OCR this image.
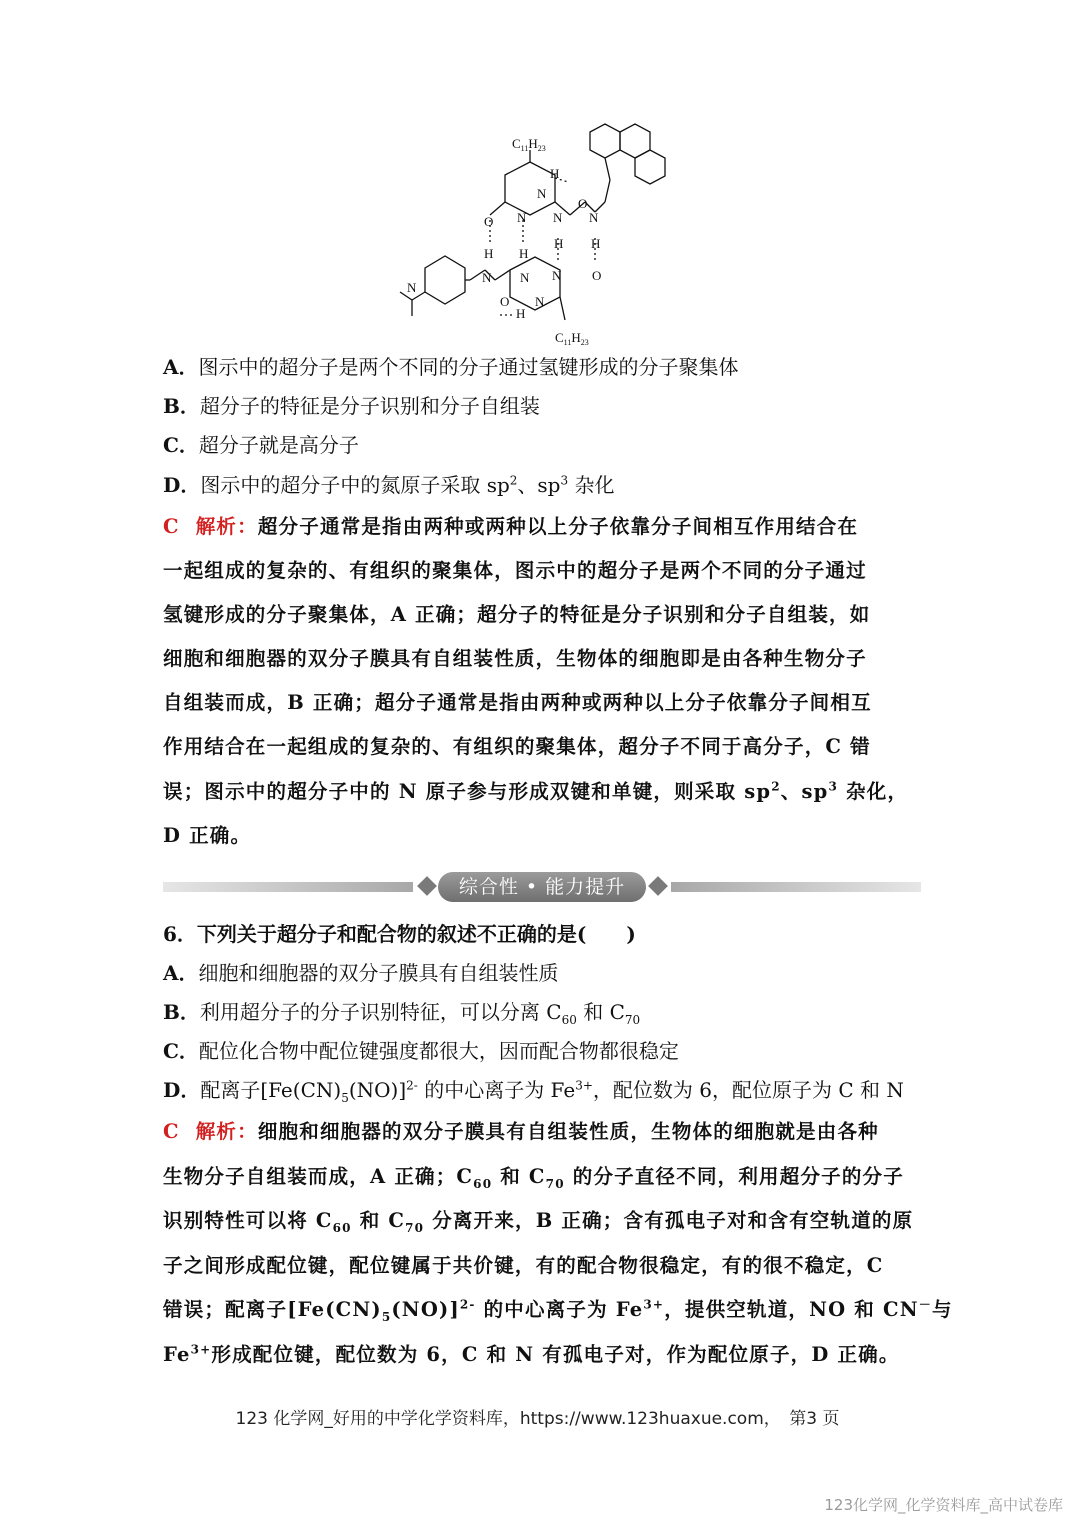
$C_{11}H_{23}$
N
H
N N
O
N
O
H H
H H
N N N O
O N
H
N
$C_{11}H_{23}$
A．图示中的超分子是两个不同的分子通过氢键形成的分子聚集体
B．超分子的特征是分子识别和分子自组装
C．超分子就是高分子
D．图示中的超分子中的氮原子采取 $sp^2$、$sp^3$ 杂化
C 解析：超分子通常是指由两种或两种以上分子依靠分子间相互作用结合在
一起组成的复杂的、有组织的聚集体，图示中的超分子是两个不同的分子通过
氢键形成的分子聚集体，A 正确；超分子的特征是分子识别和分子自组装，如
细胞和细胞器的双分子膜具有自组装性质，生物体的细胞即是由各种生物分子
自组装而成，B 正确；超分子通常是指由两种或两种以上分子依靠分子间相互
作用结合在一起组成的复杂的、有组织的聚集体，超分子不同于高分子，C 错
误；图示中的超分子中的 N 原子参与形成双键和单键，则采取 $sp^2$、$sp^3$ 杂化，
D 正确。
综合性 • 能力提升
6．下列关于超分子和配合物的叙述不正确的是(　　)
A．细胞和细胞器的双分子膜具有自组装性质
B．利用超分子的分子识别特征，可以分离 $C_{60}$ 和 $C_{70}$
C．配位化合物中配位键强度都很大，因而配合物都很稳定
D．配离子$[Fe(CN)_5(NO)]^{2-}$ 的中心离子为 $Fe^{3+}$，配位数为 6，配位原子为 C 和 N
C 解析：细胞和细胞器的双分子膜具有自组装性质，生物体的细胞就是由各种
生物分子自组装而成，A 正确；$C_{60}$ 和 $C_{70}$ 的分子直径不同，利用超分子的分子
识别特性可以将 $C_{60}$ 和 $C_{70}$ 分离开来，B 正确；含有孤电子对和含有空轨道的原
子之间形成配位键，配位键属于共价键，有的配合物很稳定，有的很不稳定，C
错误；配离子$[Fe(CN)_5(NO)]^{2-}$ 的中心离子为 $Fe^{3+}$，提供空轨道，NO 和 CN－与
$Fe^{3+}$形成配位键，配位数为 6，C 和 N 有孤电子对，作为配位原子，D 正确。
123 化学网_好用的中学化学资料库，https://www.123huaxue.com，　第3 页
123化学网_化学资料库_高中试卷库
